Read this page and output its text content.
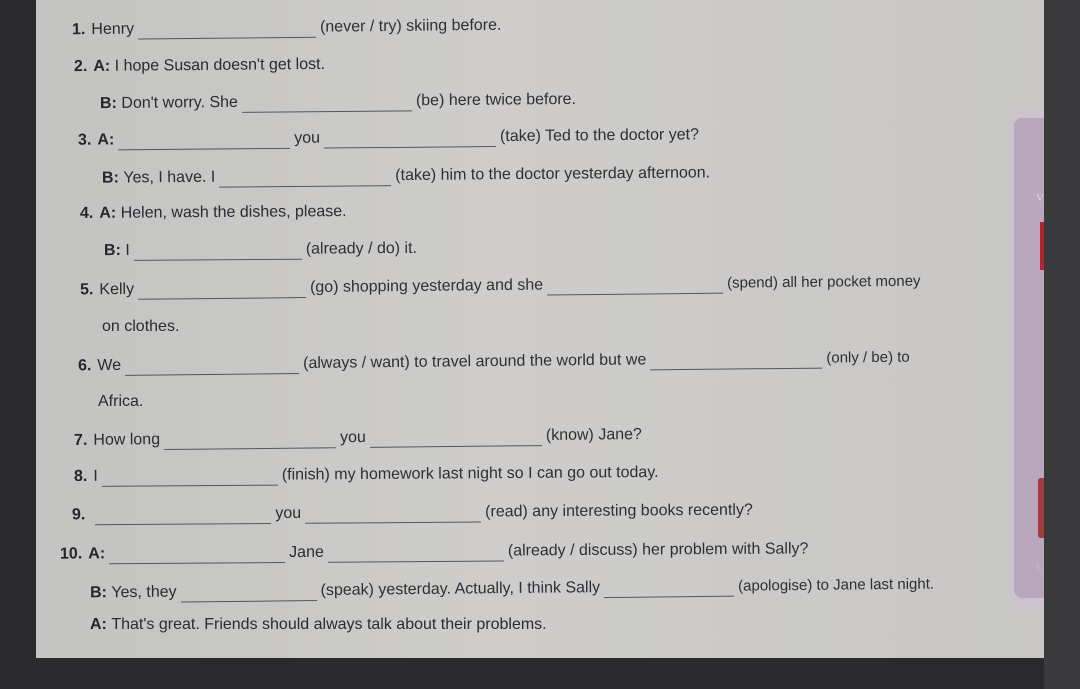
1. Henry	(never / try) skiing before.
2. A: I hope Susan doesn't get lost.
B: Don't worry. She	(be) here twice before.
3. A:	you	(take) Ted to the doctor yet?
B: Yes, I have. I	(take) him to the doctor yesterday afternoon.
4. A: Helen, wash the dishes, please.
B: I	(already / do) it.
5. Kelly	(go) shopping yesterday and she	(spend) all her pocket money
on clothes.
6. We	(always / want) to travel around the world but we	(only / be) to
Africa.
7. How long	you	(know) Jane?
8. I	(finish) my homework last night so I can go out today.
9.	you	(read) any interesting books recently?
10. A:	Jane	(already / discuss) her problem with Sally?
B: Yes, they	(speak) yesterday. Actually, I think Sally	(apologise) to Jane last night.
A: That's great. Friends should always talk about their problems.
V
L
